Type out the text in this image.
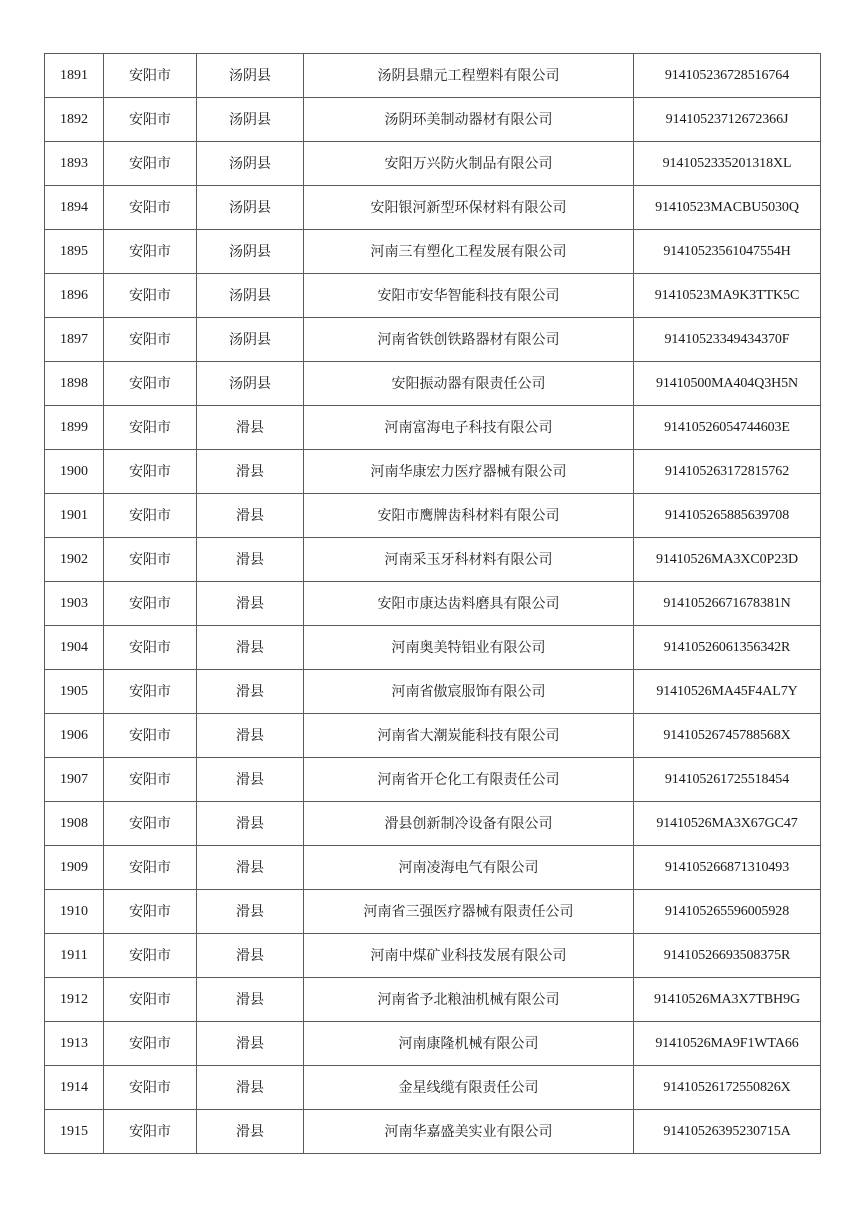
1891	安阳市	汤阴县	汤阴县鼎元工程塑料有限公司	914105236728516764
1892	安阳市	汤阴县	汤阴环美制动器材有限公司	91410523712672366J
1893	安阳市	汤阴县	安阳万兴防火制品有限公司	9141052335201318XL
1894	安阳市	汤阴县	安阳银河新型环保材料有限公司	91410523MACBU5030Q
1895	安阳市	汤阴县	河南三有塑化工程发展有限公司	91410523561047554H
1896	安阳市	汤阴县	安阳市安华智能科技有限公司	91410523MA9K3TTK5C
1897	安阳市	汤阴县	河南省铁创铁路器材有限公司	91410523349434370F
1898	安阳市	汤阴县	安阳振动器有限责任公司	91410500MA404Q3H5N
1899	安阳市	滑县	河南富海电子科技有限公司	91410526054744603E
1900	安阳市	滑县	河南华康宏力医疗器械有限公司	914105263172815762
1901	安阳市	滑县	安阳市鹰牌齿科材料有限公司	914105265885639708
1902	安阳市	滑县	河南采玉牙科材料有限公司	91410526MA3XC0P23D
1903	安阳市	滑县	安阳市康达齿料磨具有限公司	91410526671678381N
1904	安阳市	滑县	河南奥美特铝业有限公司	91410526061356342R
1905	安阳市	滑县	河南省傲宸服饰有限公司	91410526MA45F4AL7Y
1906	安阳市	滑县	河南省大潮炭能科技有限公司	91410526745788568X
1907	安阳市	滑县	河南省开仑化工有限责任公司	914105261725518454
1908	安阳市	滑县	滑县创新制冷设备有限公司	91410526MA3X67GC47
1909	安阳市	滑县	河南凌海电气有限公司	914105266871310493
1910	安阳市	滑县	河南省三强医疗器械有限责任公司	914105265596005928
1911	安阳市	滑县	河南中煤矿业科技发展有限公司	91410526693508375R
1912	安阳市	滑县	河南省予北粮油机械有限公司	91410526MA3X7TBH9G
1913	安阳市	滑县	河南康隆机械有限公司	91410526MA9F1WTA66
1914	安阳市	滑县	金星线缆有限责任公司	91410526172550826X
1915	安阳市	滑县	河南华嘉盛美实业有限公司	91410526395230715A
